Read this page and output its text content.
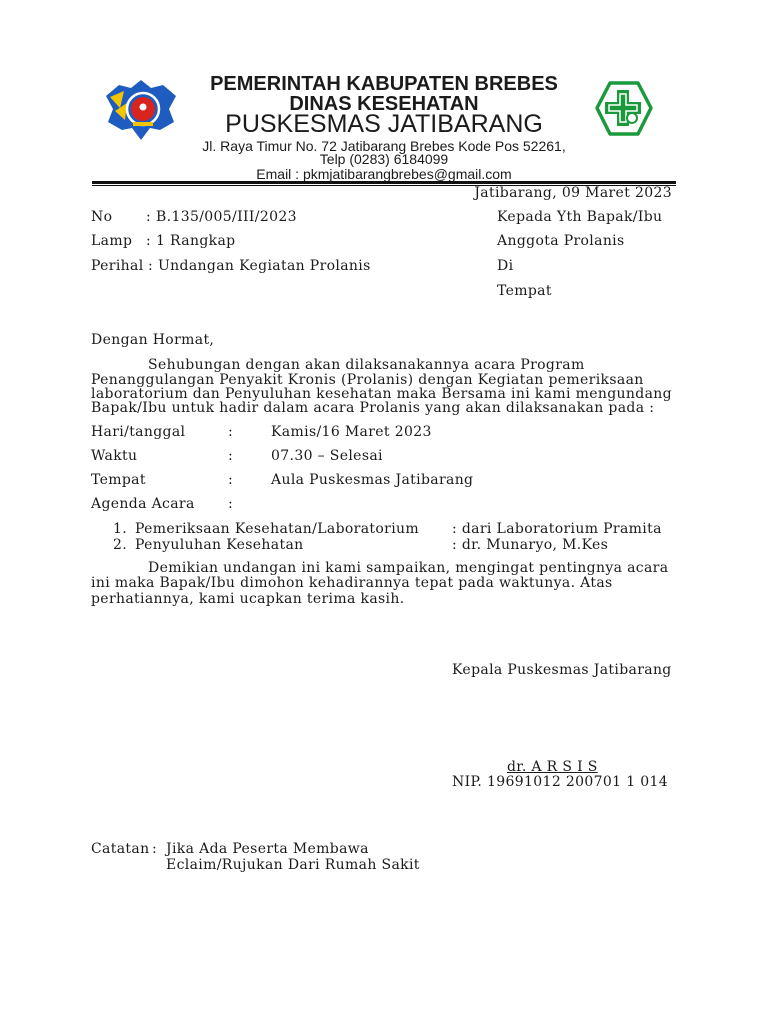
PEMERINTAH KABUPATEN BREBES
DINAS KESEHATAN
PUSKESMAS JATIBARANG
Jl. Raya Timur No. 72 Jatibarang Brebes Kode Pos 52261,
Telp (0283) 6184099
Email : pkmjatibarangbrebes@gmail.com
Jatibarang, 09 Maret 2023
No : B.135/005/III/2023
Lamp : 1 Rangkap
Perihal : Undangan Kegiatan Prolanis
Kepada Yth Bapak/Ibu
Anggota Prolanis
Di
Tempat
Dengan Hormat,
Sehubungan dengan akan dilaksanakannya acara Program
Penanggulangan Penyakit Kronis (Prolanis) dengan Kegiatan pemeriksaan
laboratorium dan Penyuluhan kesehatan maka Bersama ini kami mengundang
Bapak/Ibu untuk hadir dalam acara Prolanis yang akan dilaksanakan pada :
Hari/tanggal	:	Kamis/16 Maret 2023
Waktu	:	07.30 – Selesai
Tempat	:	Aula Puskesmas Jatibarang
Agenda Acara :
1. Pemeriksaan Kesehatan/Laboratorium : dari Laboratorium Pramita
2. Penyuluhan Kesehatan	: dr. Munaryo, M.Kes
Demikian undangan ini kami sampaikan, mengingat pentingnya acara
ini maka Bapak/Ibu dimohon kehadirannya tepat pada waktunya. Atas
perhatiannya, kami ucapkan terima kasih.
Kepala Puskesmas Jatibarang
dr. A R S I S
NIP. 19691012 200701 1 014
Catatan : Jika Ada Peserta Membawa
Eclaim/Rujukan Dari Rumah Sakit
